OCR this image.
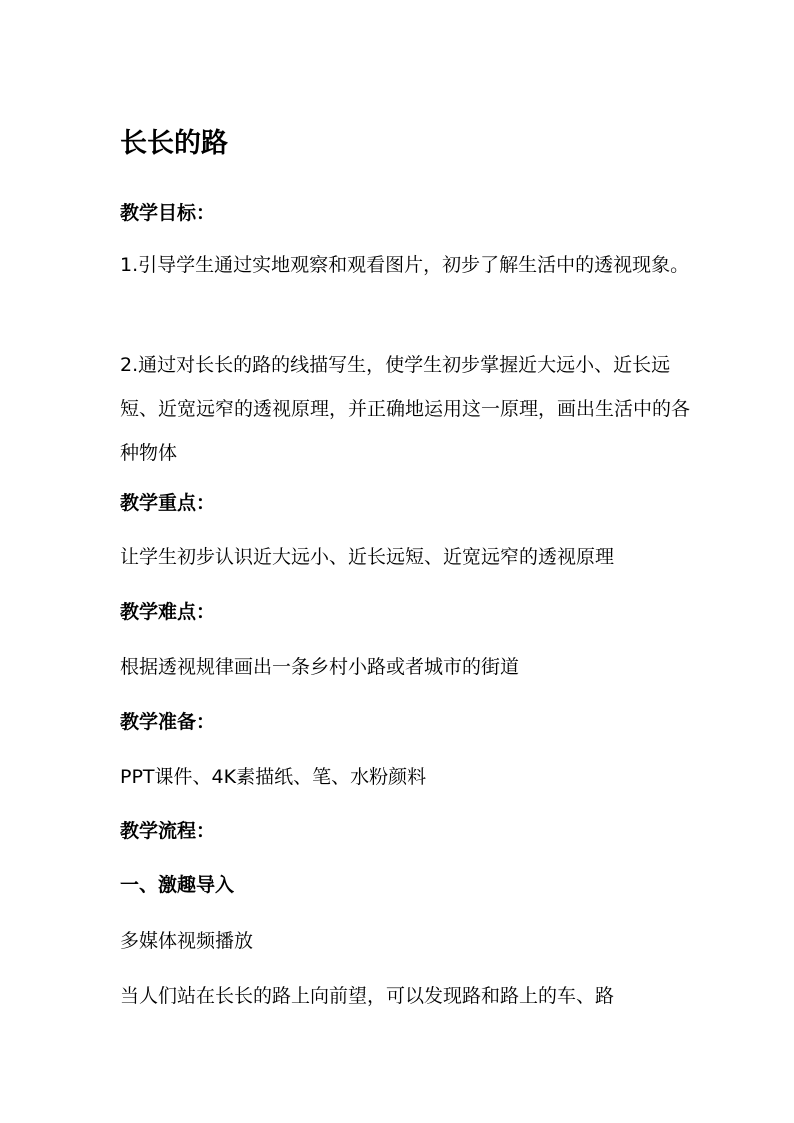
长长的路
教学目标：

1.引导学生通过实地观察和观看图片，初步了解生活中的透视现象。

2.通过对长长的路的线描写生，使学生初步掌握近大远小、近长远短、近宽远窄的透视原理，并正确地运用这一原理，画出生活中的各种物体

教学重点：
让学生初步认识近大远小、近长远短、近宽远窄的透视原理
教学难点：
根据透视规律画出一条乡村小路或者城市的街道
教学准备：
PPT课件、4K素描纸、笔、水粉颜料
教学流程：
一、激趣导入
多媒体视频播放
当人们站在长长的路上向前望，可以发现路和路上的车、路
